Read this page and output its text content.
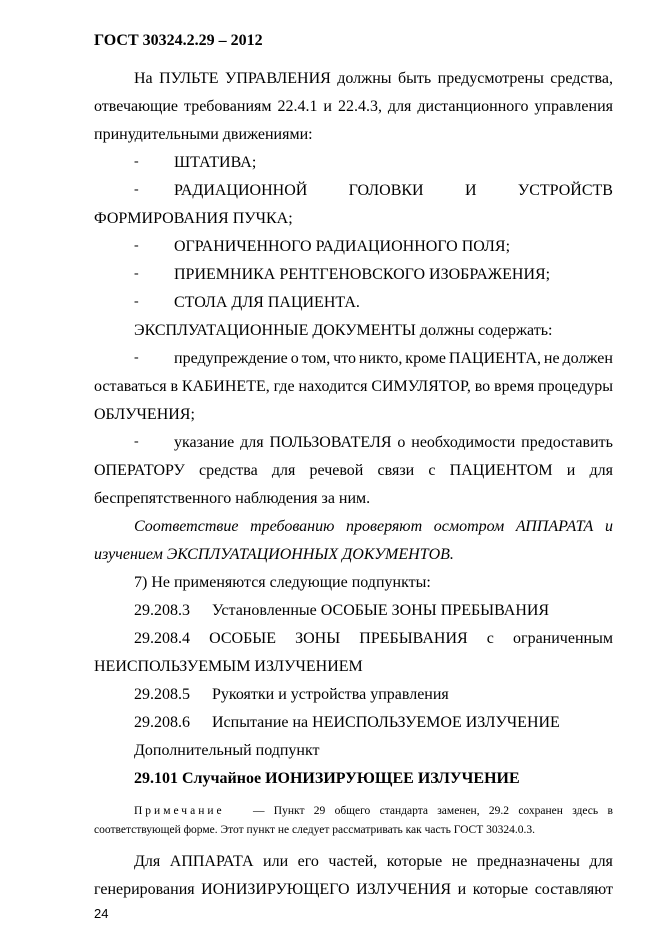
ГОСТ 30324.2.29 – 2012
На ПУЛЬТЕ УПРАВЛЕНИЯ должны быть предусмотрены средства,
отвечающие требованиям 22.4.1 и 22.4.3, для дистанционного управления
принудительными движениями:
- ШТАТИВА;
- РАДИАЦИОННОЙ	ГОЛОВКИ	И	УСТРОЙСТВ
ФОРМИРОВАНИЯ ПУЧКА;
- ОГРАНИЧЕННОГО РАДИАЦИОННОГО ПОЛЯ;
- ПРИЕМНИКА РЕНТГЕНОВСКОГО ИЗОБРАЖЕНИЯ;
- СТОЛА ДЛЯ ПАЦИЕНТА.
ЭКСПЛУАТАЦИОННЫЕ ДОКУМЕНТЫ должны содержать:
- предупреждение о том, что никто, кроме ПАЦИЕНТА, не должен
оставаться в КАБИНЕТЕ, где находится СИМУЛЯТОР, во время процедуры
ОБЛУЧЕНИЯ;
- указание для ПОЛЬЗОВАТЕЛЯ о необходимости предоставить
ОПЕРАТОРУ средства для речевой связи с ПАЦИЕНТОМ и для
беспрепятственного наблюдения за ним.
Соответствие требованию проверяют осмотром АППАРАТА и
изучением ЭКСПЛУАТАЦИОННЫХ ДОКУМЕНТОВ.
7) Не применяются следующие подпункты:
29.208.3 Установленные ОСОБЫЕ ЗОНЫ ПРЕБЫВАНИЯ
29.208.4 ОСОБЫЕ ЗОНЫ ПРЕБЫВАНИЯ с ограниченным
НЕИСПОЛЬЗУЕМЫМ ИЗЛУЧЕНИЕМ
29.208.5 Рукоятки и устройства управления
29.208.6 Испытание на НЕИСПОЛЬЗУЕМОЕ ИЗЛУЧЕНИЕ
Дополнительный подпункт
29.101 Случайное ИОНИЗИРУЮЩЕЕ ИЗЛУЧЕНИЕ
Примечание — Пункт 29 общего стандарта заменен, 29.2 сохранен здесь в
соответствующей форме. Этот пункт не следует рассматривать как часть ГОСТ 30324.0.3.
Для АППАРАТА или его частей, которые не предназначены для
генерирования ИОНИЗИРУЮЩЕГО ИЗЛУЧЕНИЯ и которые составляют
24
